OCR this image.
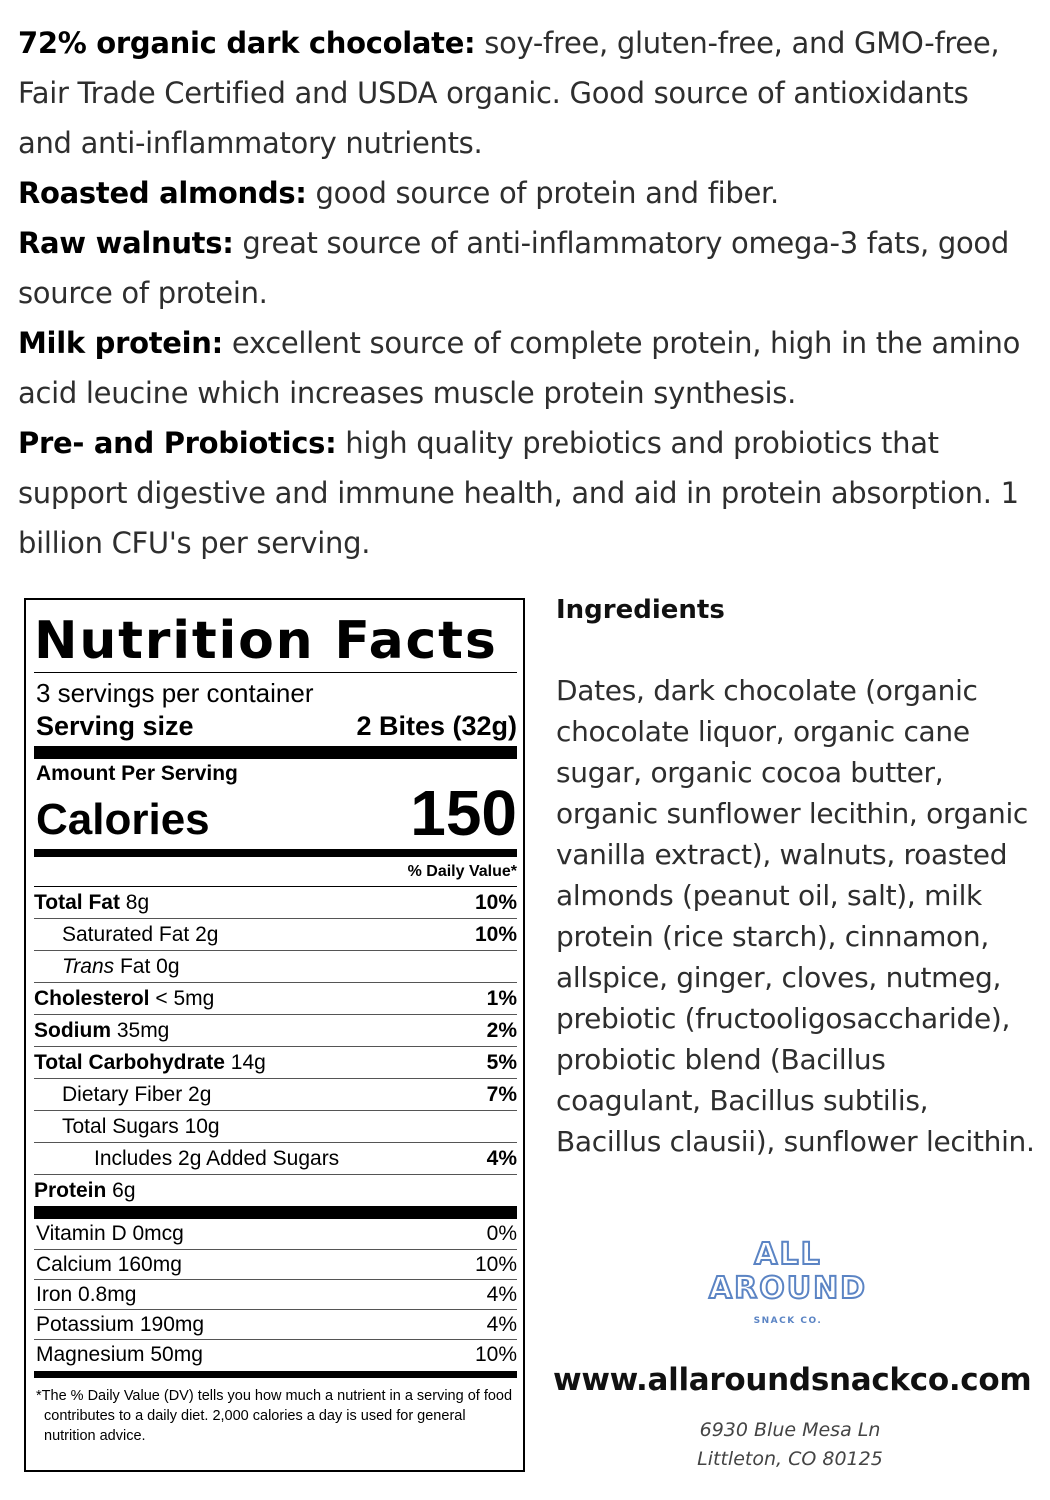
72% organic dark chocolate: soy-free, gluten-free, and GMO-free, Fair Trade Certified and USDA organic. Good source of antioxidants and anti-inflammatory nutrients.

Roasted almonds: good source of protein and fiber.

Raw walnuts: great source of anti-inflammatory omega-3 fats, good source of protein.

Milk protein: excellent source of complete protein, high in the amino acid leucine which increases muscle protein synthesis.

Pre- and Probiotics: high quality prebiotics and probiotics that support digestive and immune health, and aid in protein absorption. 1 billion CFU's per serving.

Nutrition Facts
3 servings per container
Serving size	2 Bites (32g)
Amount Per Serving
Calories	150
% Daily Value*
Total Fat 8g	10%
Saturated Fat 2g	10%
Trans Fat 0g
Cholesterol < 5mg	1%
Sodium 35mg	2%
Total Carbohydrate 14g	5%
Dietary Fiber 2g	7%
Total Sugars 10g
Includes 2g Added Sugars	4%
Protein 6g
Vitamin D 0mcg	0%
Calcium 160mg	10%
Iron 0.8mg	4%
Potassium 190mg	4%
Magnesium 50mg	10%
*The % Daily Value (DV) tells you how much a nutrient in a serving of food contributes to a daily diet. 2,000 calories a day is used for general nutrition advice.
Ingredients
Dates, dark chocolate (organic chocolate liquor, organic cane sugar, organic cocoa butter, organic sunflower lecithin, organic vanilla extract), walnuts, roasted almonds (peanut oil, salt), milk protein (rice starch), cinnamon, allspice, ginger, cloves, nutmeg, prebiotic (fructooligosaccharide), probiotic blend (Bacillus coagulant, Bacillus subtilis, Bacillus clausii), sunflower lecithin.
ALL
AROUND
SNACK CO.
www.allaroundsnackco.com
6930 Blue Mesa Ln
Littleton, CO 80125
